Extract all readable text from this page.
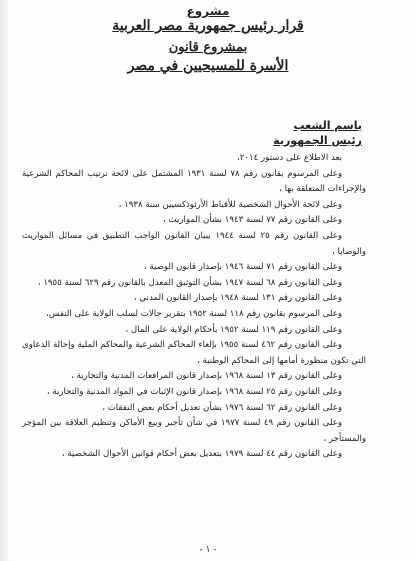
مشروع
قرار رئيس جمهورية مصر العربية
بمشروع قانون
الأسرة للمسيحيين في مصر
باسم الشعب
رئيس الجمهورية

بعد الاطلاع على دستور ٢٠١٤،

وعلى المرسوم بقانون رقم ٧٨ لسنة ١٩٣١ المشتمل على لائحة ترتيب المحاكم الشرعية والإجراءات المتعلقة بها ،

وعلى لائحة الأحوال الشخصية للأقباط الأرثوذكسيين سنة ١٩٣٨ ،

وعلى القانون رقم ٧٧ لسنة ١٩٤٣ بشأن المواريث ،

وعلى القانون رقم ٢٥ لسنة ١٩٤٤ ببيان القانون الواجب التطبيق في مسائل المواريث والوصايا ،

وعلى القانون رقم ٧١ لسنة ١٩٤٦ بإصدار قانون الوصية ،

وعلى القانون رقم ٦٨ لسنة ١٩٤٧ بشأن التوثيق المعدل بالقانون رقم ٦٢٩ لسنة ١٩٥٥ ،

وعلى القانون رقم ١٣١ لسنة ١٩٤٨ بإصدار القانون المدني ،

وعلى المرسوم بقانون رقم ١١٨ لسنة ١٩٥٢ بتقرير حالات لسلب الولاية على النفس،

وعلى القانون رقم ١١٩ لسنة ١٩٥٢ بأحكام الولاية على المال ،

وعلى القانون رقم ٤٦٢ لسنة ١٩٥٥ بإلغاء المحاكم الشرعية والمحاكم الملية وإحالة الدعاوى التي تكون منظورة أمامها إلى المحاكم الوطنية ،

وعلى القانون رقم ١٣ لسنة ١٩٦٨ بإصدار قانون المرافعات المدنية والتجارية ،

وعلى القانون رقم ٢٥ لسنة ١٩٦٨ بإصدار قانون الإثبات في المواد المدنية والتجارية ،

وعلى القانون رقم ٦٢ لسنة ١٩٧٦ بشأن تعديل أحكام بعض النفقات ،

وعلى القانون رقم ٤٩ لسنة ١٩٧٧ في شأن تأجير وبيع الأماكن وتنظيم العلاقة بين المؤجر والمستأجر ،

وعلى القانون رقم ٤٤ لسنة ١٩٧٩ بتعديل بعض أحكام قوانين الأحوال الشخصية ،

- ١ -
